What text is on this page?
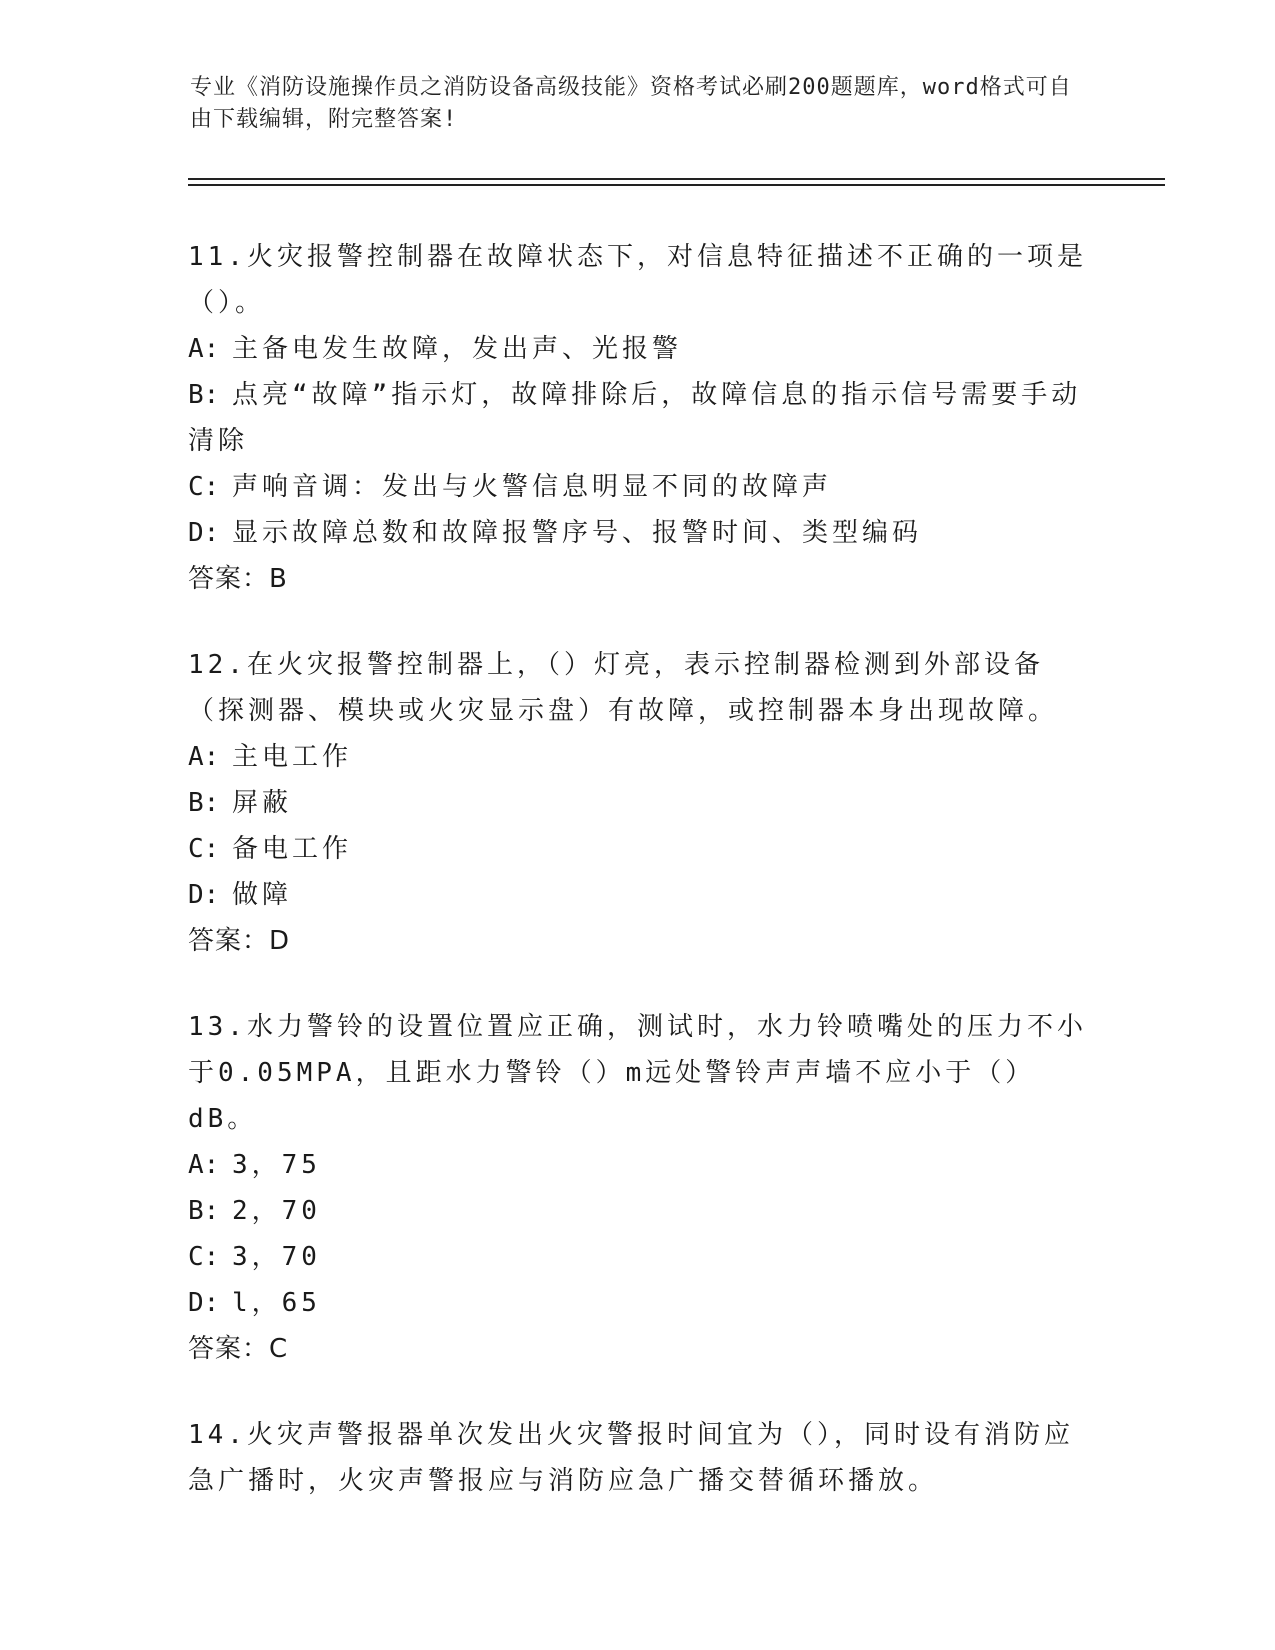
专业《消防设施操作员之消防设备高级技能》资格考试必刷200题题库，word格式可自由下载编辑，附完整答案!

11.火灾报警控制器在故障状态下，对信息特征描述不正确的一项是（）。

A: 主备电发生故障，发出声、光报警

B: 点亮“故障”指示灯，故障排除后，故障信息的指示信号需要手动清除

C: 声响音调：发出与火警信息明显不同的故障声

D: 显示故障总数和故障报警序号、报警时间、类型编码

答案：B

12.在火灾报警控制器上，（）灯亮，表示控制器检测到外部设备（探测器、模块或火灾显示盘）有故障，或控制器本身出现故障。

A: 主电工作

B: 屏蔽

C: 备电工作

D: 做障

答案：D

13.水力警铃的设置位置应正确，测试时，水力铃喷嘴处的压力不小于0.05MPA，且距水力警铃（）m远处警铃声声墙不应小于（）dB。

A: 3，75

B: 2，70

C: 3，70

D: l，65

答案：C

14.火灾声警报器单次发出火灾警报时间宜为（），同时设有消防应急广播时，火灾声警报应与消防应急广播交替循环播放。
